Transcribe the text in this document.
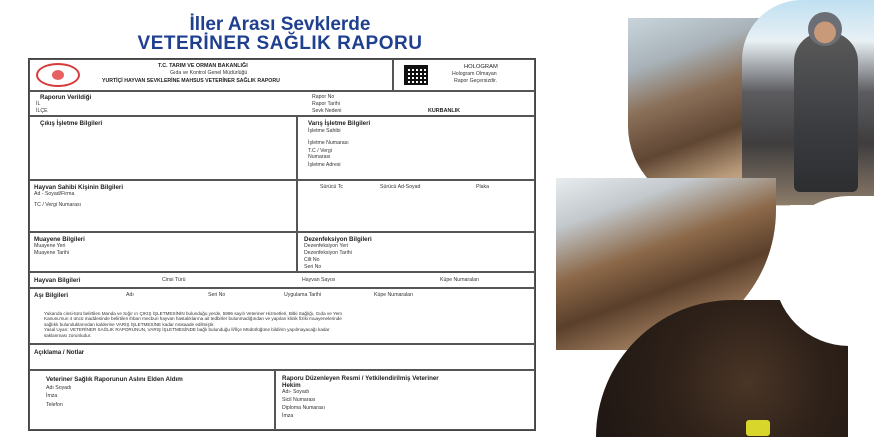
İller Arası Sevklerde
VETERİNER SAĞLIK RAPORU
T.C. TARIM VE ORMAN BAKANLIĞI
Gıda ve Kontrol Genel Müdürlüğü
YURTİÇİ HAYVAN SEVKLERİNE MAHSUS VETERİNER SAĞLIK RAPORU
HOLOGRAM
Hologram Olmayan
Rapor Geçersizdir.
Raporun Verildiği
İL
İLÇE
Rapor No
Rapor Tarihi
Sevk Nedeni	KURBANLIK
Çıkış İşletme Bilgileri	Varış İşletme Bilgileri
İşletme Sahibi
İşletme Numarası
T.C / Vergi
Numarası
İşletme Adresi
Hayvan Sahibi Kişinin Bilgileri
Ad - Soyad/Firma
TC / Vergi Numarası
Sürücü Tc	Sürücü Ad-Soyad	Plaka
Muayene Bilgileri
Muayene Yeri
Muayene Tarihi
Dezenfeksiyon Bilgileri
Dezenfeksiyon Yeri
Dezenfeksiyon Tarihi
Cilt No
Seri No
Hayvan Bilgileri	Cinsi Türü	Hayvan Sayısı	Küpe Numaraları
Aşı Bilgileri	Adı	Seri No	Uygulama Tarihi	Küpe Numaraları
Yukarıda cinsi-türü belirtilen Manda ve Sığır ırı ÇIKIŞ İŞLETMESİNİN bulunduğu yerde, 5996 sayılı Veteriner Hizmetleri, Bitki Sağlığı, Gıda ve Yem
Kanunu'nun 4 üncü maddesinde belirtilen ihbarı mecburi hayvan hastalıklarına ait tedbirler bulunmadığından ve yapılan klinik fiziki muayenelerinde
sağlıklı bulunduklarından kalderine VARIŞ İŞLETMESİNE kadar müsaade edilmiştir.
Yasal Uyarı: VETERİNER SAĞLIK RAPORUNUN, VARIŞ İŞLETMESİNDE bağlı bulunduğu İl/İlçe Müdürlüğüne bildirim yapılmayacağı kadar
saklanması zorunludur.
Açıklama / Notlar
Veteriner Sağlık Raporunun Aslını Elden Aldım
Adı Soyadı
İmza
Telefon
Raporu Düzenleyen Resmi / Yetkilendirilmiş Veteriner
Hekim
Adı- Soyadı
Sicil Numarası
Diploma Numarası
İmza
